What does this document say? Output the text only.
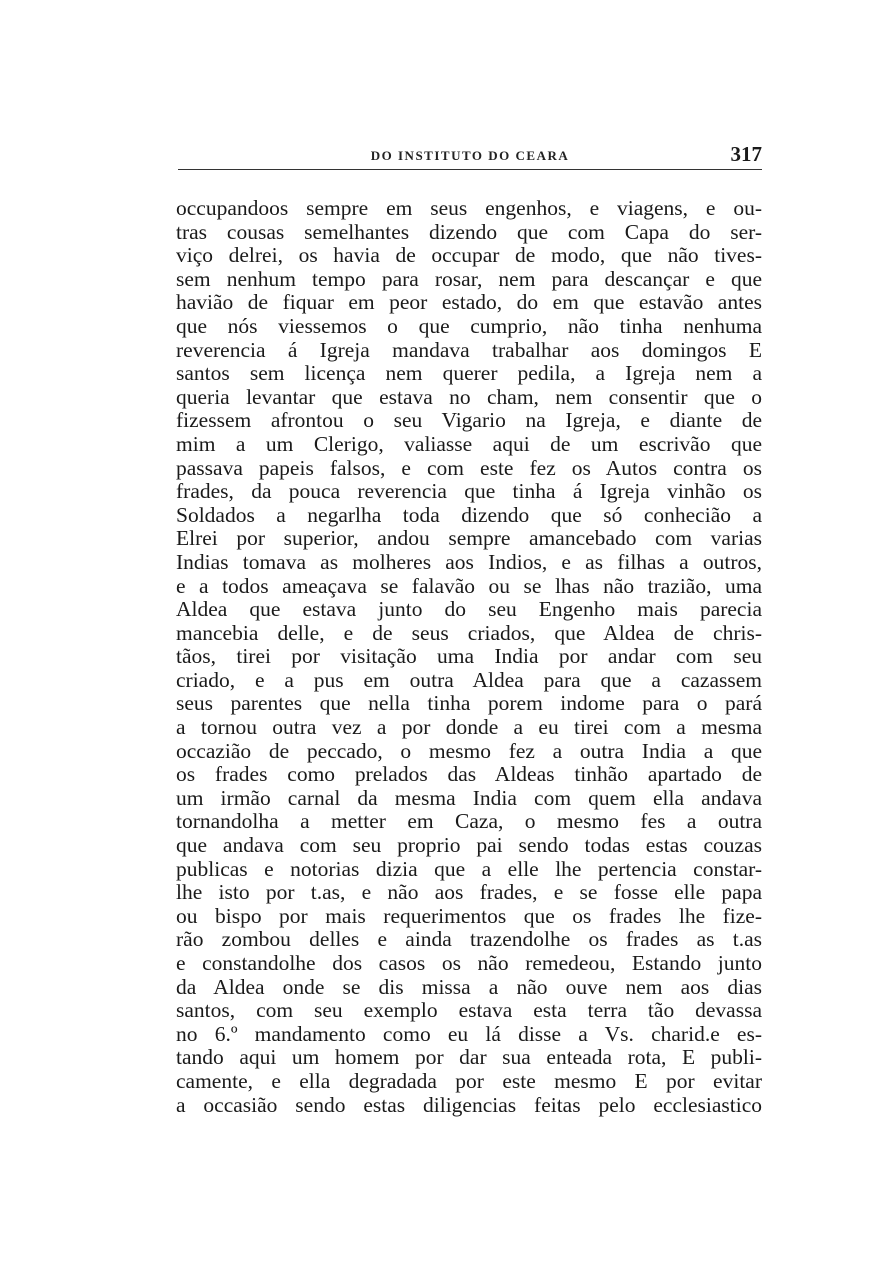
DO INSTITUTO DO CEARA	317
occupandoos sempre em seus engenhos, e viagens, e ou-
tras cousas semelhantes dizendo que com Capa do ser-
viço delrei, os havia de occupar de modo, que não tives-
sem nenhum tempo para rosar, nem para descançar e que
havião de fiquar em peor estado, do em que estavão antes
que nós viessemos o que cumprio, não tinha nenhuma
reverencia á Igreja mandava trabalhar aos domingos E
santos sem licença nem querer pedila, a Igreja nem a
queria levantar que estava no cham, nem consentir que o
fizessem afrontou o seu Vigario na Igreja, e diante de
mim a um Clerigo, valiasse aqui de um escrivão que
passava papeis falsos, e com este fez os Autos contra os
frades, da pouca reverencia que tinha á Igreja vinhão os
Soldados a negarlha toda dizendo que só conhecião a
Elrei por superior, andou sempre amancebado com varias
Indias tomava as molheres aos Indios, e as filhas a outros,
e a todos ameaçava se falavão ou se lhas não trazião, uma
Aldea que estava junto do seu Engenho mais parecia
mancebia delle, e de seus criados, que Aldea de chris-
tãos, tirei por visitação uma India por andar com seu
criado, e a pus em outra Aldea para que a cazassem
seus parentes que nella tinha porem indome para o pará
a tornou outra vez a por donde a eu tirei com a mesma
occazião de peccado, o mesmo fez a outra India a que
os frades como prelados das Aldeas tinhão apartado de
um irmão carnal da mesma India com quem ella andava
tornandolha a metter em Caza, o mesmo fes a outra
que andava com seu proprio pai sendo todas estas couzas
publicas e notorias dizia que a elle lhe pertencia constar-
lhe isto por t.as, e não aos frades, e se fosse elle papa
ou bispo por mais requerimentos que os frades lhe fize-
rão zombou delles e ainda trazendolhe os frades as t.as
e constandolhe dos casos os não remedeou, Estando junto
da Aldea onde se dis missa a não ouve nem aos dias
santos, com seu exemplo estava esta terra tão devassa
no 6.º mandamento como eu lá disse a Vs. charid.e es-
tando aqui um homem por dar sua enteada rota, E publi-
camente, e ella degradada por este mesmo E por evitar
a occasião sendo estas diligencias feitas pelo ecclesiastico
